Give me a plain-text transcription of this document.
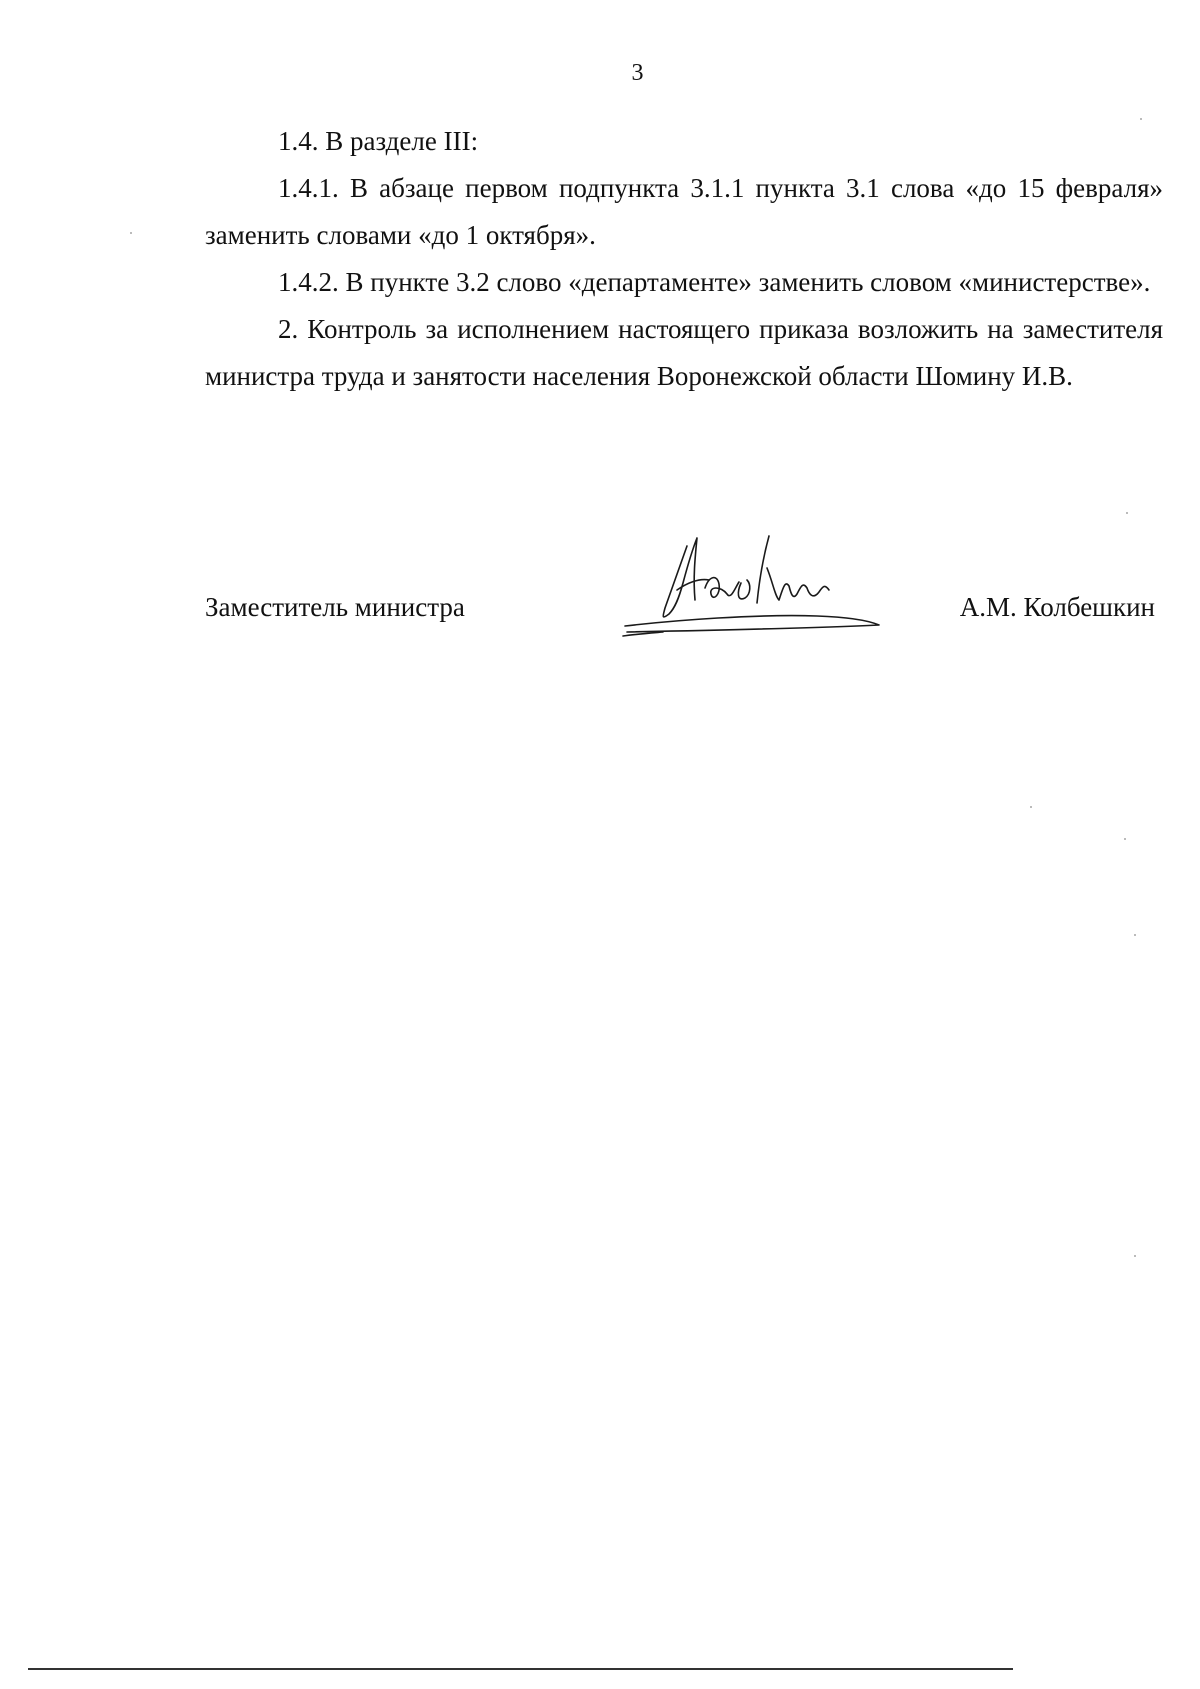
3

1.4. В разделе III:

1.4.1. В абзаце первом подпункта 3.1.1 пункта 3.1 слова «до 15 февраля» заменить словами «до 1 октября».

1.4.2. В пункте 3.2 слово «департаменте» заменить словом «министерстве».

2. Контроль за исполнением настоящего приказа возложить на заместителя министра труда и занятости населения Воронежской области Шомину И.В.

Заместитель министра	А.М. Колбешкин
